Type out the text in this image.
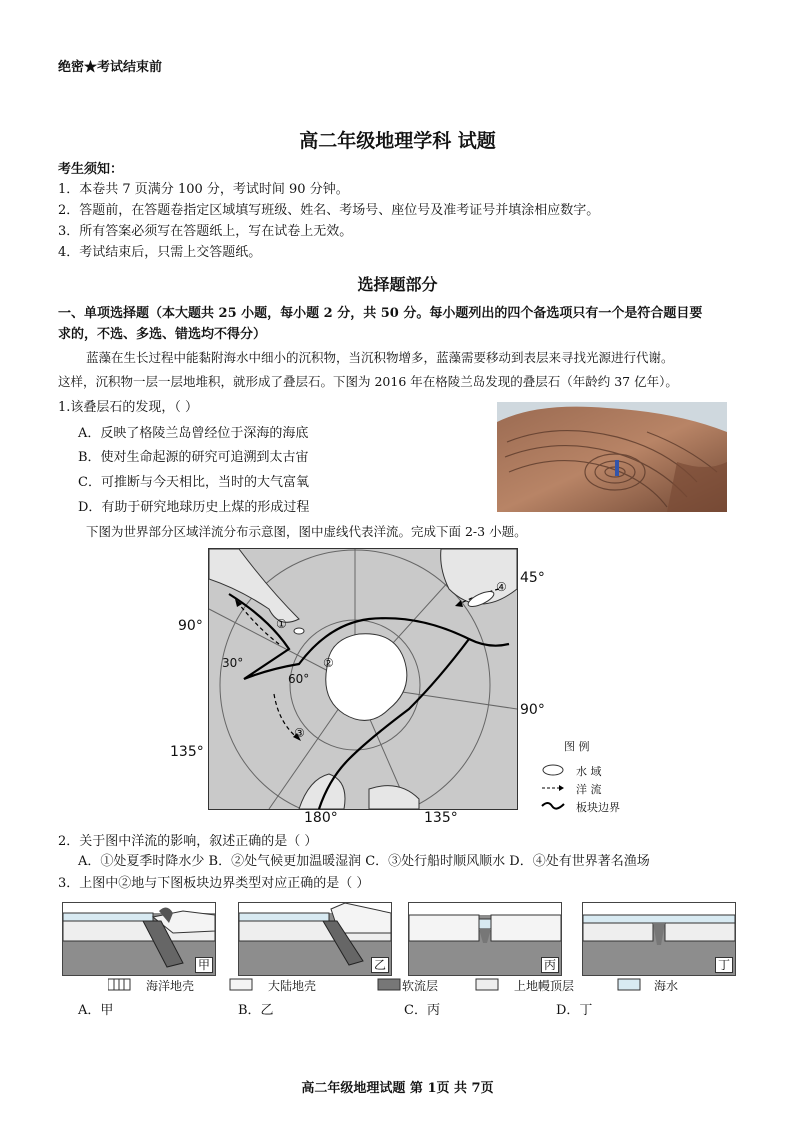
绝密★考试结束前
高二年级地理学科 试题
考生须知：
1．本卷共 7 页满分 100 分，考试时间 90 分钟。
2．答题前，在答题卷指定区域填写班级、姓名、考场号、座位号及准考证号并填涂相应数字。
3．所有答案必须写在答题纸上，写在试卷上无效。
4．考试结束后，只需上交答题纸。
选择题部分
一、单项选择题（本大题共 25 小题，每小题 2 分，共 50 分。每小题列出的四个备选项只有一个是符合题目要
求的，不选、多选、错选均不得分）
蓝藻在生长过程中能黏附海水中细小的沉积物，当沉积物增多，蓝藻需要移动到表层来寻找光源进行代谢。
这样，沉积物一层一层地堆积，就形成了叠层石。下图为 2016 年在格陵兰岛发现的叠层石（年龄约 37 亿年）。
1.该叠层石的发现，（ ）
A．反映了格陵兰岛曾经位于深海的海底
B．使对生命起源的研究可追溯到太古宙
C．可推断与今天相比，当时的大气富氧
D．有助于研究地球历史上煤的形成过程
下图为世界部分区域洋流分布示意图，图中虚线代表洋流。完成下面 2-3 小题。
45°
90°
30°
60°
90°
135°
180°	135°
①
②
③
④
图 例
水 域
洋 流
板块边界
2．关于图中洋流的影响，叙述正确的是（ ）
A．①处夏季时降水少 B．②处气候更加温暖湿润 C．③处行船时顺风顺水 D．④处有世界著名渔场
3．上图中②地与下图板块边界类型对应正确的是（ ）
甲	乙	丙	丁
海洋地壳	大陆地壳	软流层	上地幔顶层	海水
A．甲	B．乙	C．丙	D．丁
高二年级地理试题 第 1页 共 7页
